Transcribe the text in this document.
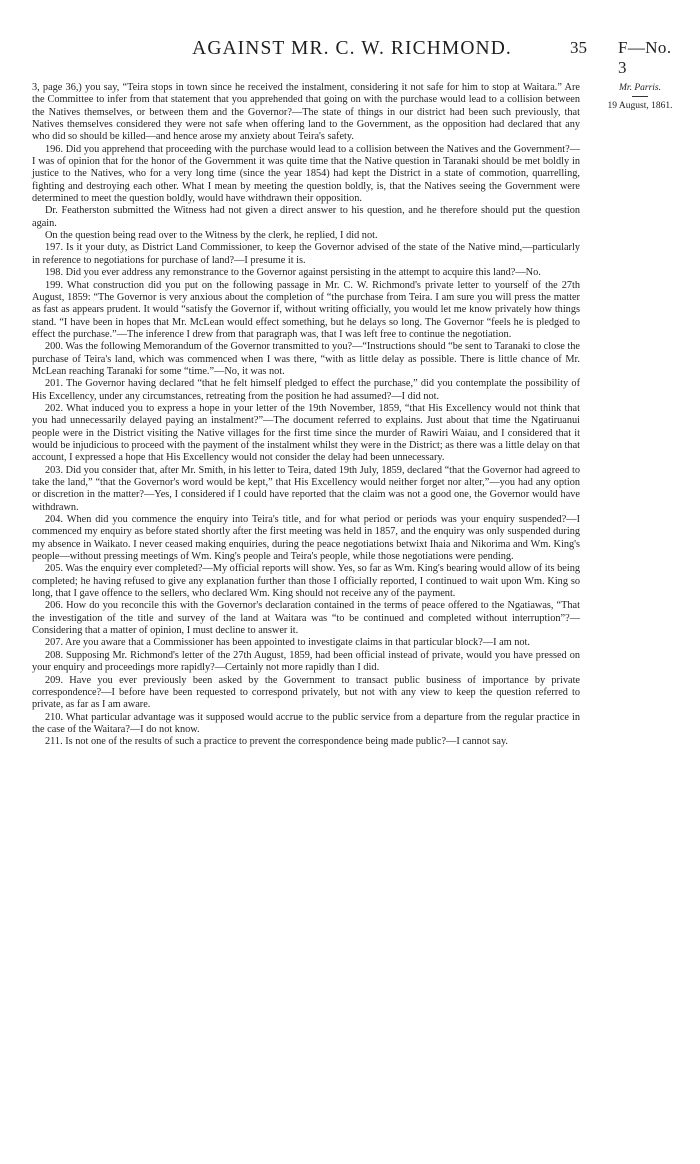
AGAINST MR. C. W. RICHMOND.	35 F—No. 3
Mr. Parris.
19 August, 1861.

3, page 36,) you say, “Teira stops in town since he received the instalment, considering it not safe for him to stop at Waitara.” Are the Committee to infer from that statement that you apprehended that going on with the purchase would lead to a collision between the Natives themselves, or between them and the Governor?—The state of things in our district had been such previously, that Natives themselves considered they were not safe when offering land to the Government, as the opposition had declared that any who did so should be killed—and hence arose my anxiety about Teira's safety.

196. Did you apprehend that proceeding with the purchase would lead to a collision between the Natives and the Government?—I was of opinion that for the honor of the Government it was quite time that the Native question in Taranaki should be met boldly in justice to the Natives, who for a very long time (since the year 1854) had kept the District in a state of commotion, quarrelling, fighting and destroying each other. What I mean by meeting the question boldly, is, that the Natives seeing the Government were determined to meet the question boldly, would have withdrawn their opposition.

Dr. Featherston submitted the Witness had not given a direct answer to his question, and he therefore should put the question again.

On the question being read over to the Witness by the clerk, he replied, I did not.

197. Is it your duty, as District Land Commissioner, to keep the Governor advised of the state of the Native mind,—particularly in reference to negotiations for purchase of land?—I presume it is.

198. Did you ever address any remonstrance to the Governor against persisting in the attempt to acquire this land?—No.

199. What construction did you put on the following passage in Mr. C. W. Richmond's private letter to yourself of the 27th August, 1859: “The Governor is very anxious about the completion of “the purchase from Teira. I am sure you will press the matter as fast as appears prudent. It would “satisfy the Governor if, without writing officially, you would let me know privately how things stand. “I have been in hopes that Mr. McLean would effect something, but he delays so long. The Governor “feels he is pledged to effect the purchase.”—The inference I drew from that paragraph was, that I was left free to continue the negotiation.

200. Was the following Memorandum of the Governor transmitted to you?—“Instructions should “be sent to Taranaki to close the purchase of Teira's land, which was commenced when I was there, “with as little delay as possible. There is little chance of Mr. McLean reaching Taranaki for some “time.”—No, it was not.

201. The Governor having declared “that he felt himself pledged to effect the purchase,” did you contemplate the possibility of His Excellency, under any circumstances, retreating from the position he had assumed?—I did not.

202. What induced you to express a hope in your letter of the 19th November, 1859, “that His Excellency would not think that you had unnecessarily delayed paying an instalment?”—The document referred to explains. Just about that time the Ngatiruanui people were in the District visiting the Native villages for the first time since the murder of Rawiri Waiau, and I considered that it would be injudicious to proceed with the payment of the instalment whilst they were in the District; as there was a little delay on that account, I expressed a hope that His Excellency would not consider the delay had been unnecessary.

203. Did you consider that, after Mr. Smith, in his letter to Teira, dated 19th July, 1859, declared “that the Governor had agreed to take the land,” “that the Governor's word would be kept,” that His Excellency would neither forget nor alter,”—you had any option or discretion in the matter?—Yes, I considered if I could have reported that the claim was not a good one, the Governor would have withdrawn.

204. When did you commence the enquiry into Teira's title, and for what period or periods was your enquiry suspended?—I commenced my enquiry as before stated shortly after the first meeting was held in 1857, and the enquiry was only suspended during my absence in Waikato. I never ceased making enquiries, during the peace negotiations betwixt Ihaia and Nikorima and Wm. King's people—without pressing meetings of Wm. King's people and Teira's people, while those negotiations were pending.

205. Was the enquiry ever completed?—My official reports will show. Yes, so far as Wm. King's bearing would allow of its being completed; he having refused to give any explanation further than those I officially reported, I continued to wait upon Wm. King so long, that I gave offence to the sellers, who declared Wm. King should not receive any of the payment.

206. How do you reconcile this with the Governor's declaration contained in the terms of peace offered to the Ngatiawas, “That the investigation of the title and survey of the land at Waitara was “to be continued and completed without interruption”?—Considering that a matter of opinion, I must decline to answer it.

207. Are you aware that a Commissioner has been appointed to investigate claims in that particular block?—I am not.

208. Supposing Mr. Richmond's letter of the 27th August, 1859, had been official instead of private, would you have pressed on your enquiry and proceedings more rapidly?—Certainly not more rapidly than I did.

209. Have you ever previously been asked by the Government to transact public business of importance by private correspondence?—I before have been requested to correspond privately, but not with any view to keep the question referred to private, as far as I am aware.

210. What particular advantage was it supposed would accrue to the public service from a departure from the regular practice in the case of the Waitara?—I do not know.

211. Is not one of the results of such a practice to prevent the correspondence being made public?—I cannot say.
